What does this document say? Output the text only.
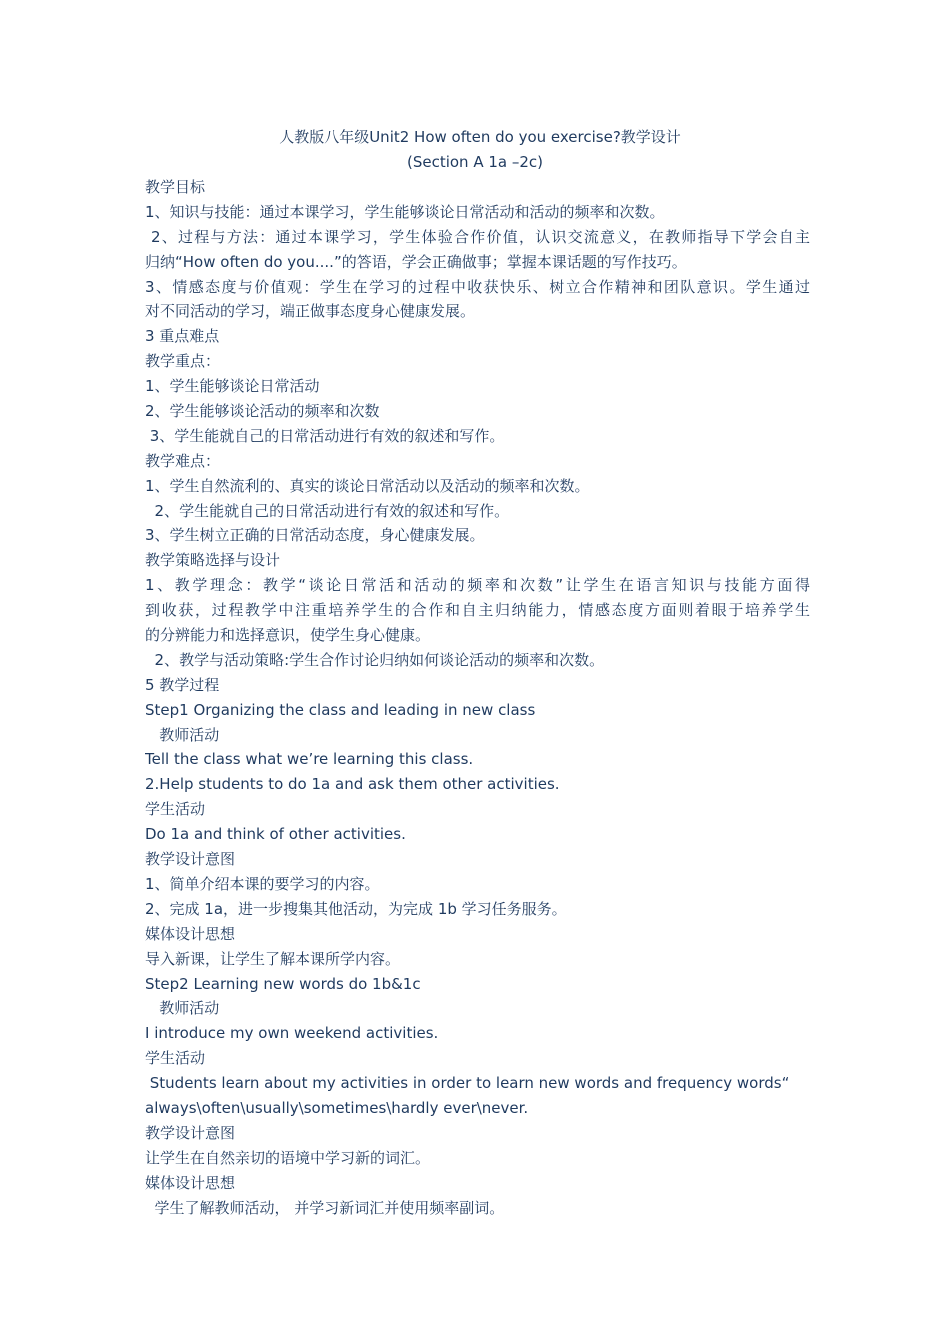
人教版八年级Unit2 How often do you exercise?教学设计
(Section A 1a –2c)
教学目标
1、知识与技能：通过本课学习，学生能够谈论日常活动和活动的频率和次数。
2、过程与方法：通过本课学习，学生体验合作价值，认识交流意义，在教师指导下学会自主
归纳“How often do you....”的答语，学会正确做事；掌握本课话题的写作技巧。
3、情感态度与价值观：学生在学习的过程中收获快乐、树立合作精神和团队意识。学生通过
对不同活动的学习，端正做事态度身心健康发展。
3 重点难点
教学重点：
1、学生能够谈论日常活动
2、学生能够谈论活动的频率和次数
3、学生能就自己的日常活动进行有效的叙述和写作。
教学难点：
1、学生自然流利的、真实的谈论日常活动以及活动的频率和次数。
2、学生能就自己的日常活动进行有效的叙述和写作。
3、学生树立正确的日常活动态度，身心健康发展。
教学策略选择与设计
1、教学理念：教学“谈论日常活和活动的频率和次数”让学生在语言知识与技能方面得
到收获，过程教学中注重培养学生的合作和自主归纳能力，情感态度方面则着眼于培养学生
的分辨能力和选择意识，使学生身心健康。
2、教学与活动策略:学生合作讨论归纳如何谈论活动的频率和次数。
5 教学过程
Step1 Organizing the class and leading in new class
教师活动
Tell the class what we’re learning this class.
2.Help students to do 1a and ask them other activities.
学生活动
Do 1a and think of other activities.
教学设计意图
1、简单介绍本课的要学习的内容。
2、完成 1a，进一步搜集其他活动，为完成 1b 学习任务服务。
媒体设计思想
导入新课，让学生了解本课所学内容。
Step2 Learning new words do 1b&1c
教师活动
I introduce my own weekend activities.
学生活动
Students learn about my activities in order to learn new words and frequency words“
always\often\usually\sometimes\hardly ever\never.
教学设计意图
让学生在自然亲切的语境中学习新的词汇。
媒体设计思想
学生了解教师活动， 并学习新词汇并使用频率副词。
